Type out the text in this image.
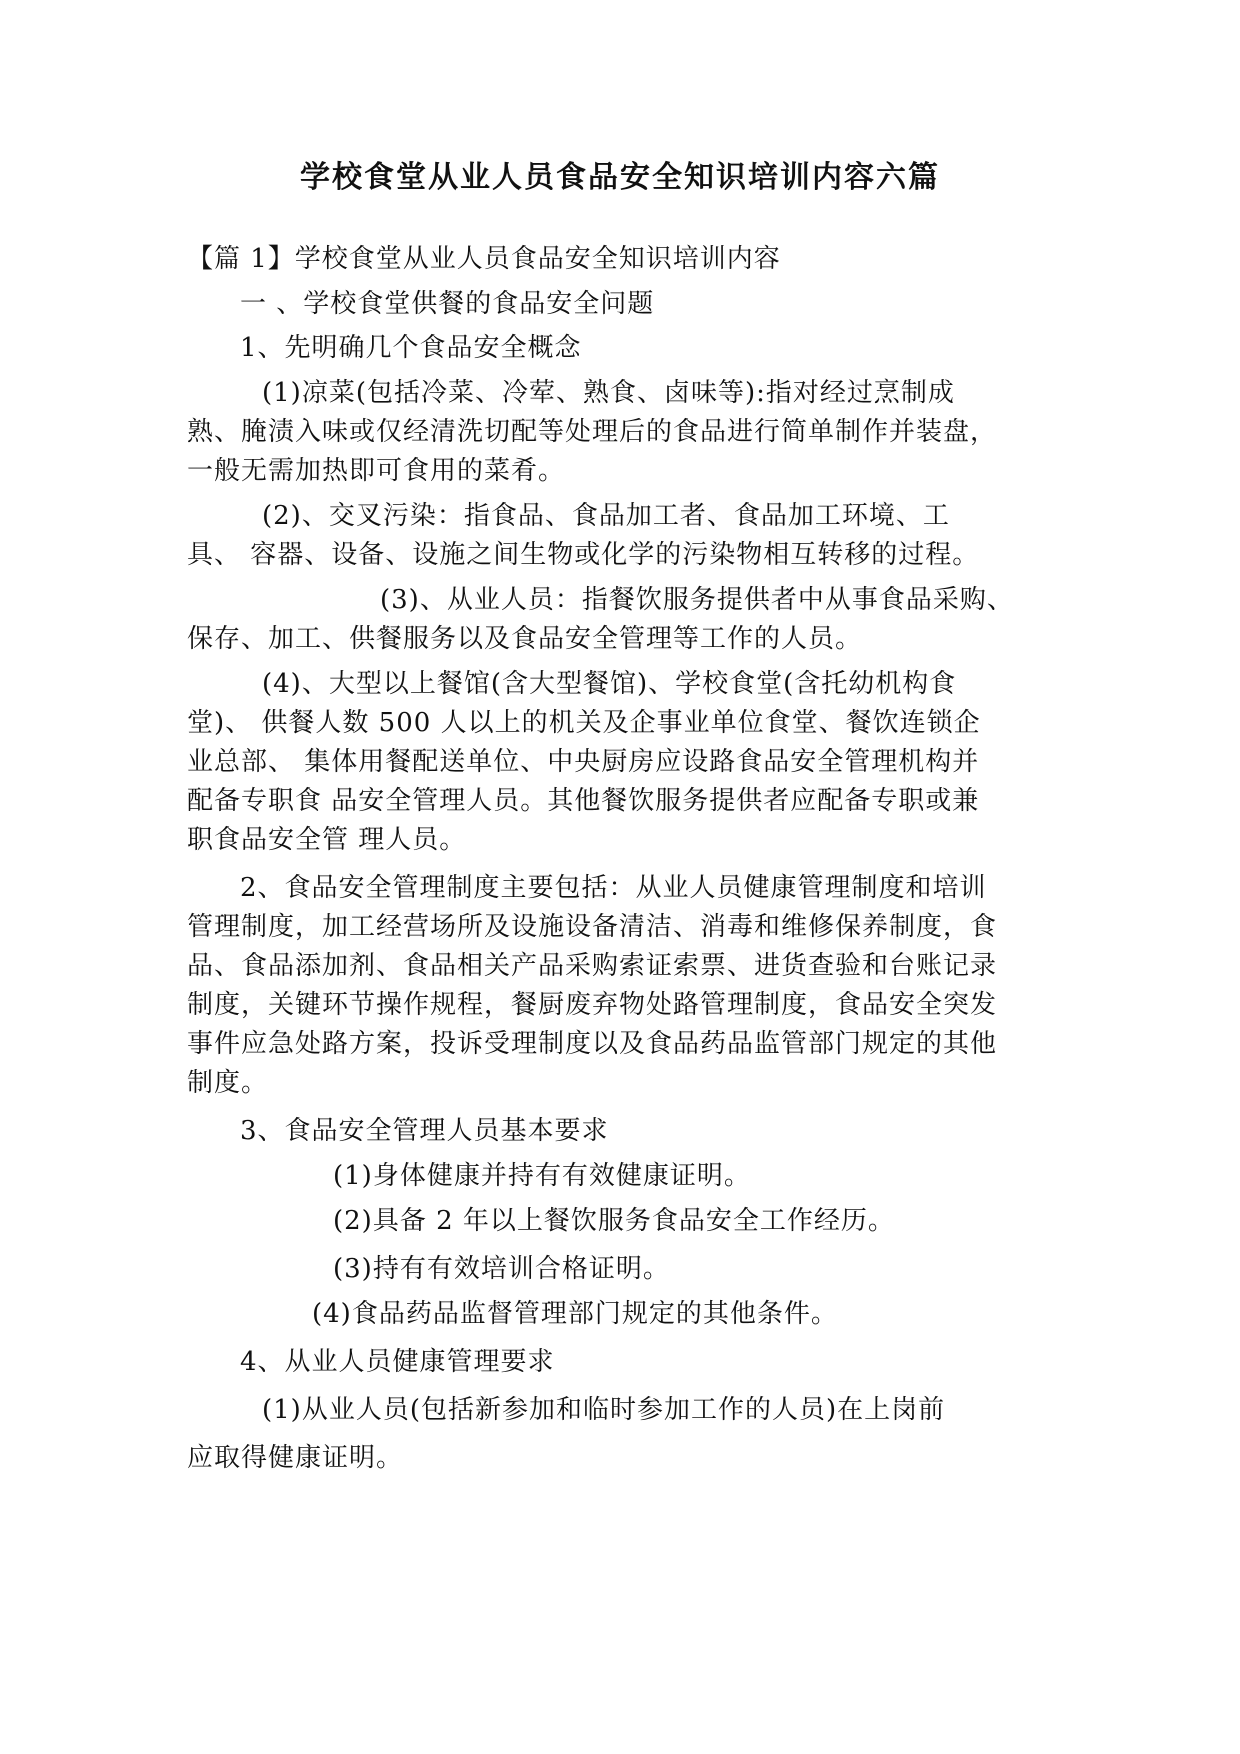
学校食堂从业人员食品安全知识培训内容六篇
【篇 1】学校食堂从业人员食品安全知识培训内容
一 、学校食堂供餐的食品安全问题
1、先明确几个食品安全概念
(1)凉菜(包括冷菜、冷荤、熟食、卤味等):指对经过烹制成
熟、腌渍入味或仅经清洗切配等处理后的食品进行简单制作并装盘，
一般无需加热即可食用的菜肴。
(2)、交叉污染：指食品、食品加工者、食品加工环境、工
具、 容器、设备、设施之间生物或化学的污染物相互转移的过程。
(3)、从业人员：指餐饮服务提供者中从事食品采购、
保存、加工、供餐服务以及食品安全管理等工作的人员。
(4)、大型以上餐馆(含大型餐馆)、学校食堂(含托幼机构食
堂)、 供餐人数 500 人以上的机关及企事业单位食堂、餐饮连锁企
业总部、 集体用餐配送单位、中央厨房应设路食品安全管理机构并
配备专职食 品安全管理人员。其他餐饮服务提供者应配备专职或兼
职食品安全管 理人员。
2、食品安全管理制度主要包括：从业人员健康管理制度和培训
管理制度，加工经营场所及设施设备清洁、消毒和维修保养制度，食
品、食品添加剂、食品相关产品采购索证索票、进货查验和台账记录
制度，关键环节操作规程，餐厨废弃物处路管理制度，食品安全突发
事件应急处路方案，投诉受理制度以及食品药品监管部门规定的其他
制度。
3、食品安全管理人员基本要求
(1)身体健康并持有有效健康证明。
(2)具备 2 年以上餐饮服务食品安全工作经历。
(3)持有有效培训合格证明。
(4)食品药品监督管理部门规定的其他条件。
4、从业人员健康管理要求
(1)从业人员(包括新参加和临时参加工作的人员)在上岗前
应取得健康证明。
